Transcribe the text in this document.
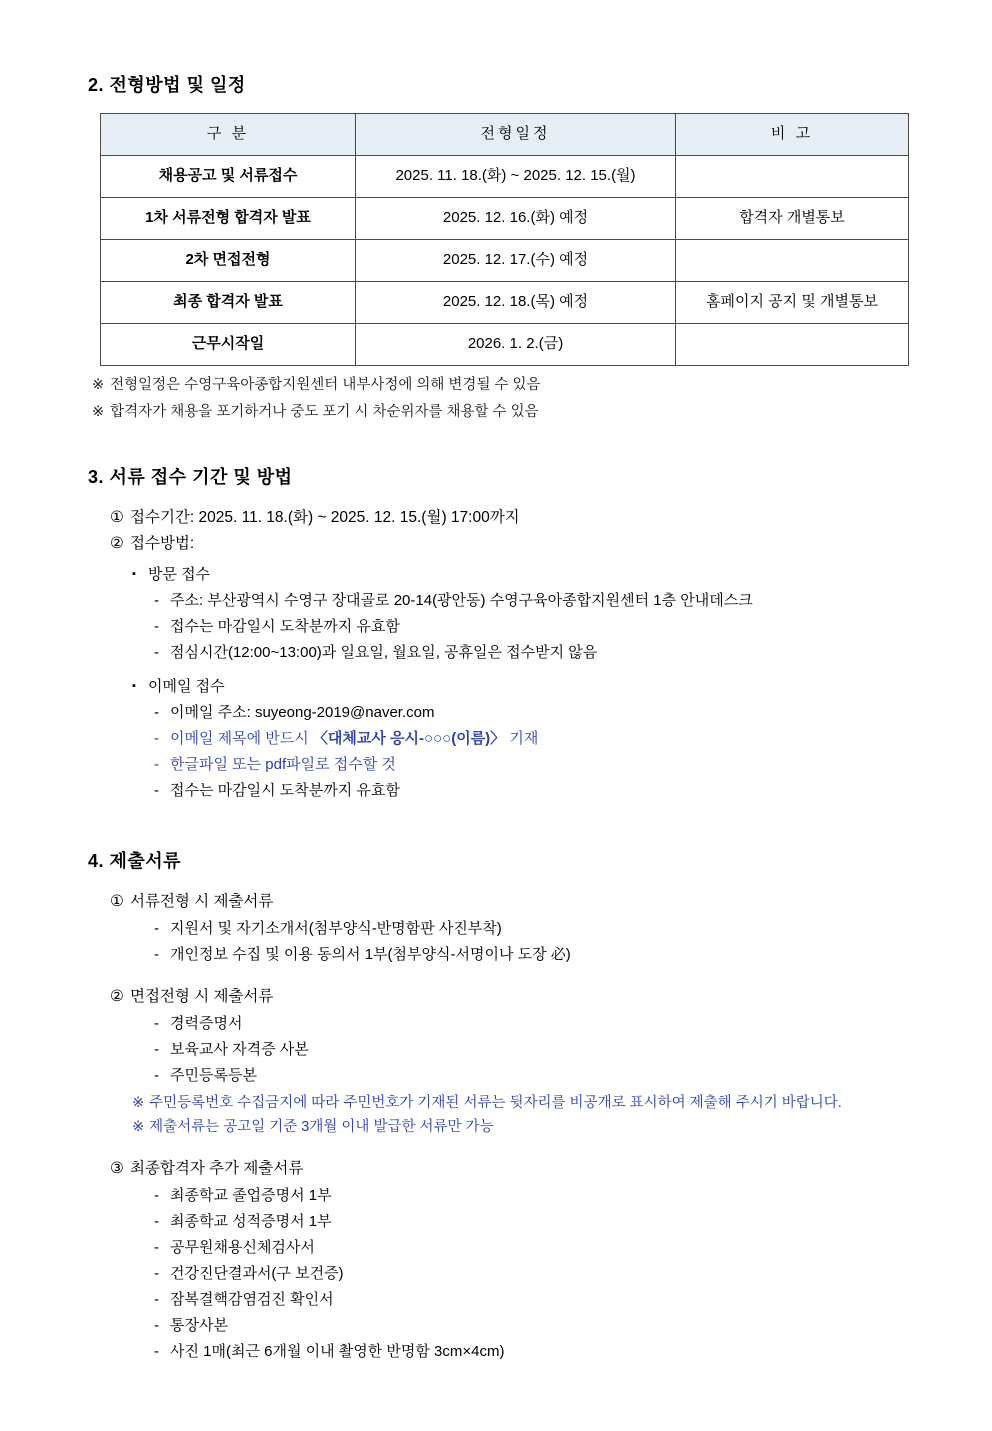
2. 전형방법 및 일정
구 분	전형일정	비 고
채용공고 및 서류접수	2025. 11. 18.(화) ~ 2025. 12. 15.(월)	
1차 서류전형 합격자 발표	2025. 12. 16.(화) 예정	합격자 개별통보
2차 면접전형	2025. 12. 17.(수) 예정	
최종 합격자 발표	2025. 12. 18.(목) 예정	홈페이지 공지 및 개별통보
근무시작일	2026. 1. 2.(금)	
※ 전형일정은 수영구육아종합지원센터 내부사정에 의해 변경될 수 있음
※ 합격자가 채용을 포기하거나 중도 포기 시 차순위자를 채용할 수 있음
3. 서류 접수 기간 및 방법
① 접수기간: 2025. 11. 18.(화) ~ 2025. 12. 15.(월) 17:00까지
② 접수방법:
▪ 방문 접수
- 주소: 부산광역시 수영구 장대골로 20-14(광안동) 수영구육아종합지원센터 1층 안내데스크
- 접수는 마감일시 도착분까지 유효함
- 점심시간(12:00~13:00)과 일요일, 월요일, 공휴일은 접수받지 않음
▪ 이메일 접수
- 이메일 주소: suyeong-2019@naver.com
- 이메일 제목에 반드시 〈대체교사 응시-○○○(이름)〉 기재
- 한글파일 또는 pdf파일로 접수할 것
- 접수는 마감일시 도착분까지 유효함
4. 제출서류
① 서류전형 시 제출서류
- 지원서 및 자기소개서(첨부양식-반명함판 사진부착)
- 개인정보 수집 및 이용 동의서 1부(첨부양식-서명이나 도장 必)
② 면접전형 시 제출서류
- 경력증명서
- 보육교사 자격증 사본
- 주민등록등본
※ 주민등록번호 수집금지에 따라 주민번호가 기재된 서류는 뒷자리를 비공개로 표시하여 제출해 주시기 바랍니다.
※ 제출서류는 공고일 기준 3개월 이내 발급한 서류만 가능
③ 최종합격자 추가 제출서류
- 최종학교 졸업증명서 1부
- 최종학교 성적증명서 1부
- 공무원채용신체검사서
- 건강진단결과서(구 보건증)
- 잠복결핵감염검진 확인서
- 통장사본
- 사진 1매(최근 6개월 이내 촬영한 반명함 3cm×4cm)
